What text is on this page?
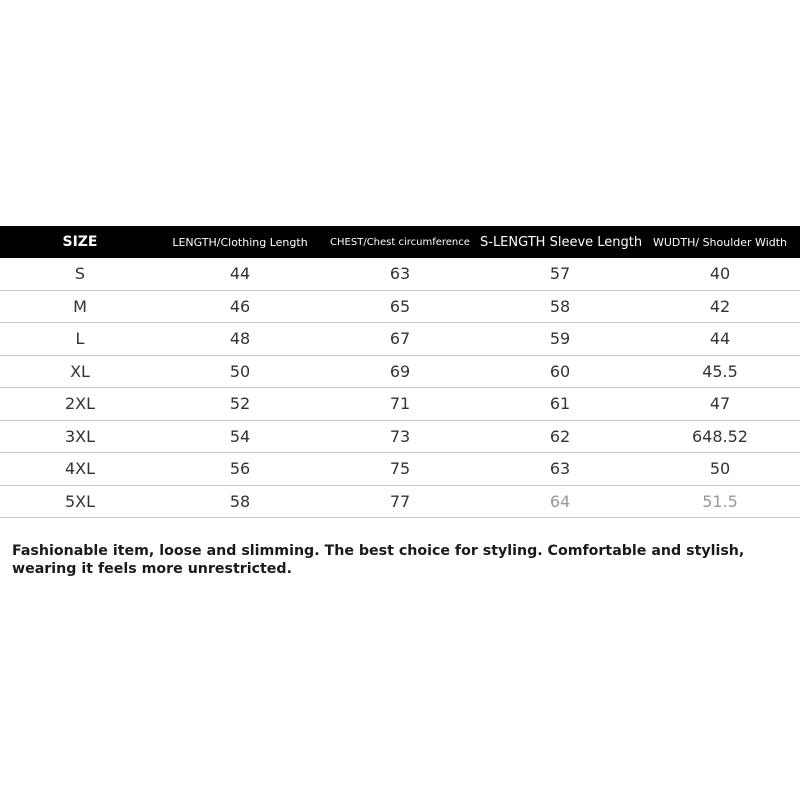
SIZE	LENGTH/Clothing Length	CHEST/Chest circumference	S-LENGTH Sleeve Length	WUDTH/ Shoulder Width
S	44	63	57	40
M	46	65	58	42
L	48	67	59	44
XL	50	69	60	45.5
2XL	52	71	61	47
3XL	54	73	62	648.52
4XL	56	75	63	50
5XL	58	77	64	51.5

Fashionable item, loose and slimming. The best choice for styling. Comfortable and stylish, wearing it feels more unrestricted.
